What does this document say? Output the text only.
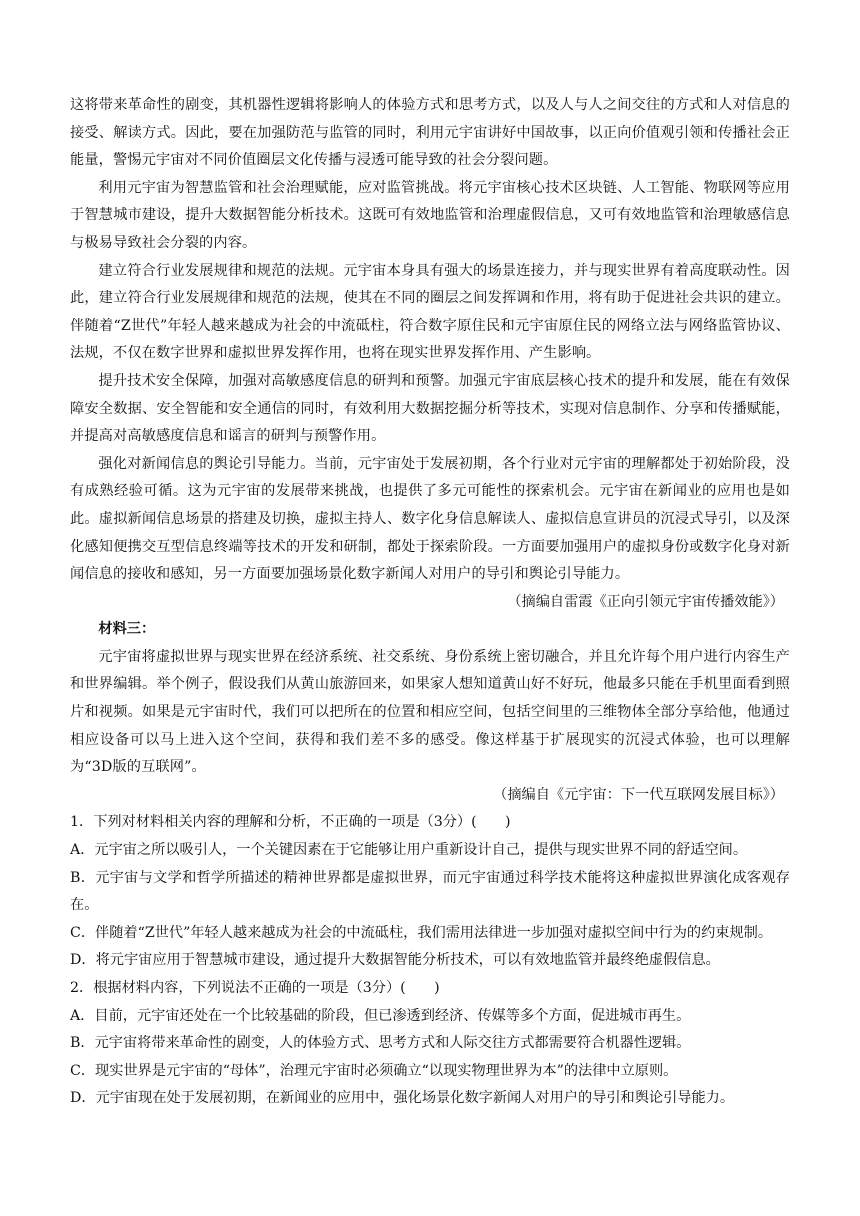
这将带来革命性的剧变，其机器性逻辑将影响人的体验方式和思考方式，以及人与人之间交往的方式和人对信息的接受、解读方式。因此，要在加强防范与监管的同时，利用元宇宙讲好中国故事，以正向价值观引领和传播社会正能量，警惕元宇宙对不同价值圈层文化传播与浸透可能导致的社会分裂问题。

利用元宇宙为智慧监管和社会治理赋能，应对监管挑战。将元宇宙核心技术区块链、人工智能、物联网等应用于智慧城市建设，提升大数据智能分析技术。这既可有效地监管和治理虚假信息，又可有效地监管和治理敏感信息与极易导致社会分裂的内容。

建立符合行业发展规律和规范的法规。元宇宙本身具有强大的场景连接力，并与现实世界有着高度联动性。因此，建立符合行业发展规律和规范的法规，使其在不同的圈层之间发挥调和作用，将有助于促进社会共识的建立。伴随着“Z世代”年轻人越来越成为社会的中流砥柱，符合数字原住民和元宇宙原住民的网络立法与网络监管协议、法规，不仅在数字世界和虚拟世界发挥作用，也将在现实世界发挥作用、产生影响。

提升技术安全保障，加强对高敏感度信息的研判和预警。加强元宇宙底层核心技术的提升和发展，能在有效保障安全数据、安全智能和安全通信的同时，有效利用大数据挖掘分析等技术，实现对信息制作、分享和传播赋能，并提高对高敏感度信息和谣言的研判与预警作用。

强化对新闻信息的舆论引导能力。当前，元宇宙处于发展初期，各个行业对元宇宙的理解都处于初始阶段，没有成熟经验可循。这为元宇宙的发展带来挑战，也提供了多元可能性的探索机会。元宇宙在新闻业的应用也是如此。虚拟新闻信息场景的搭建及切换，虚拟主持人、数字化身信息解读人、虚拟信息宣讲员的沉浸式导引，以及深化感知便携交互型信息终端等技术的开发和研制，都处于探索阶段。一方面要加强用户的虚拟身份或数字化身对新闻信息的接收和感知，另一方面要加强场景化数字新闻人对用户的导引和舆论引导能力。

（摘编自雷霞《正向引领元宇宙传播效能》）

材料三：

元宇宙将虚拟世界与现实世界在经济系统、社交系统、身份系统上密切融合，并且允许每个用户进行内容生产和世界编辑。举个例子，假设我们从黄山旅游回来，如果家人想知道黄山好不好玩，他最多只能在手机里面看到照片和视频。如果是元宇宙时代，我们可以把所在的位置和相应空间，包括空间里的三维物体全部分享给他，他通过相应设备可以马上进入这个空间，获得和我们差不多的感受。像这样基于扩展现实的沉浸式体验，也可以理解为“3D版的互联网”。

（摘编自《元宇宙：下一代互联网发展目标》）

1．下列对材料相关内容的理解和分析，不正确的一项是（3分）(　　)

A．元宇宙之所以吸引人，一个关键因素在于它能够让用户重新设计自己，提供与现实世界不同的舒适空间。

B．元宇宙与文学和哲学所描述的精神世界都是虚拟世界，而元宇宙通过科学技术能将这种虚拟世界演化成客观存在。

C．伴随着“Z世代”年轻人越来越成为社会的中流砥柱，我们需用法律进一步加强对虚拟空间中行为的约束规制。

D．将元宇宙应用于智慧城市建设，通过提升大数据智能分析技术，可以有效地监管并最终绝虚假信息。

2．根据材料内容，下列说法不正确的一项是（3分）(　　)

A．目前，元宇宙还处在一个比较基础的阶段，但已渗透到经济、传媒等多个方面，促进城市再生。

B．元宇宙将带来革命性的剧变，人的体验方式、思考方式和人际交往方式都需要符合机器性逻辑。

C．现实世界是元宇宙的“母体”，治理元宇宙时必须确立“以现实物理世界为本”的法律中立原则。

D．元宇宙现在处于发展初期，在新闻业的应用中，强化场景化数字新闻人对用户的导引和舆论引导能力。
